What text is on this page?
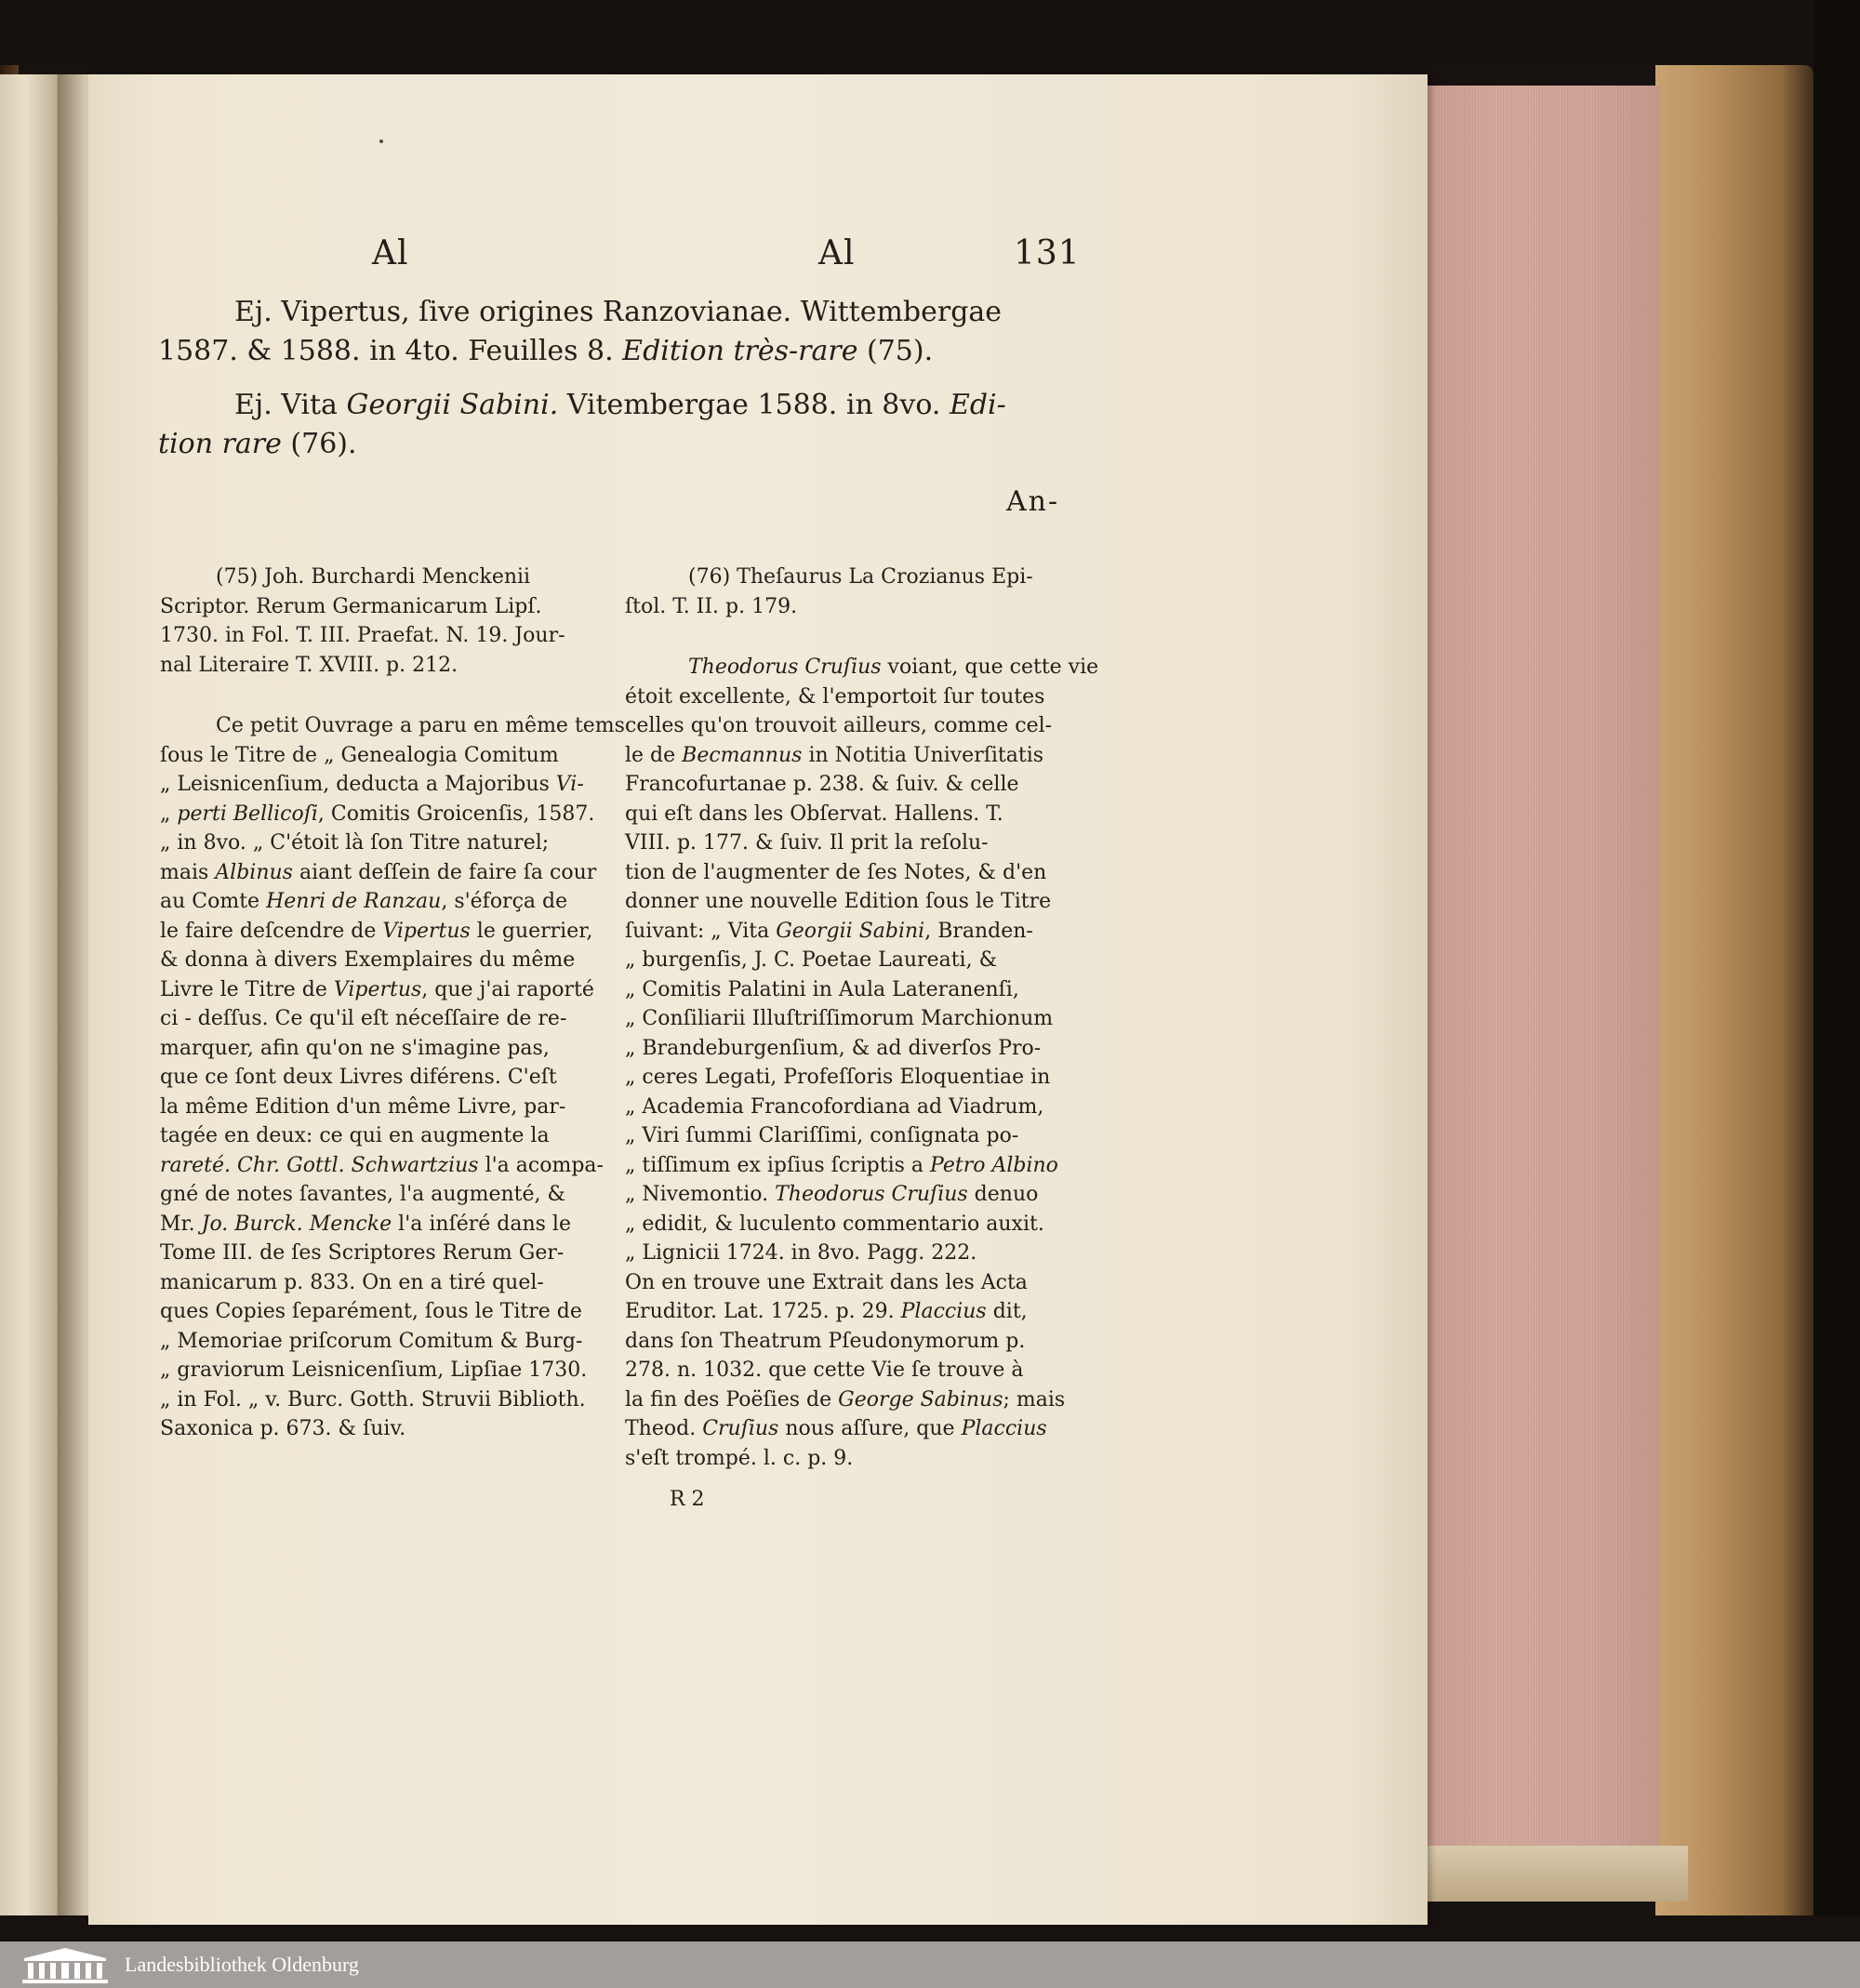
Al	Al	131
Ej. Vipertus, ſive origines Ranzovianae. Wittembergae
1587. & 1588. in 4to. Feuilles 8. Edition très-rare (75).
Ej. Vita Georgii Sabini. Vitembergae 1588. in 8vo. Edi-
tion rare (76).
An-
(75) Joh. Burchardi Menckenii
Scriptor. Rerum Germanicarum Lipſ.
1730. in Fol. T. III. Praefat. N. 19. Jour-
nal Literaire T. XVIII. p. 212.
Ce petit Ouvrage a paru en même tems
ſous le Titre de „ Genealogia Comitum
„ Leisnicenſium, deducta a Majoribus Vi-
„ perti Bellicoſi, Comitis Groicenſis, 1587.
„ in 8vo. „ C'étoit là ſon Titre naturel;
mais Albinus aiant deſſein de faire ſa cour
au Comte Henri de Ranzau, s'éforça de
le faire deſcendre de Vipertus le guerrier,
& donna à divers Exemplaires du même
Livre le Titre de Vipertus, que j'ai raporté
ci - deſſus. Ce qu'il eſt néceſſaire de re-
marquer, afin qu'on ne s'imagine pas,
que ce ſont deux Livres diférens. C'eſt
la même Edition d'un même Livre, par-
tagée en deux: ce qui en augmente la
rareté. Chr. Gottl. Schwartzius l'a acompa-
gné de notes ſavantes, l'a augmenté, &
Mr. Jo. Burck. Mencke l'a inſéré dans le
Tome III. de ſes Scriptores Rerum Ger-
manicarum p. 833. On en a tiré quel-
ques Copies ſeparément, ſous le Titre de
„ Memoriae priſcorum Comitum & Burg-
„ graviorum Leisnicenſium, Lipſiae 1730.
„ in Fol. „ v. Burc. Gotth. Struvii Biblioth.
Saxonica p. 673. & ſuiv.
(76) Theſaurus La Crozianus Epi-
ſtol. T. II. p. 179.
Theodorus Cruſius voiant, que cette vie
étoit excellente, & l'emportoit ſur toutes
celles qu'on trouvoit ailleurs, comme cel-
le de Becmannus in Notitia Univerſitatis
Francofurtanae p. 238. & ſuiv. & celle
qui eſt dans les Obſervat. Hallens. T.
VIII. p. 177. & ſuiv. Il prit la reſolu-
tion de l'augmenter de ſes Notes, & d'en
donner une nouvelle Edition ſous le Titre
ſuivant: „ Vita Georgii Sabini, Branden-
„ burgenſis, J. C. Poetae Laureati, &
„ Comitis Palatini in Aula Lateranenſi,
„ Conſiliarii Illuſtriſſimorum Marchionum
„ Brandeburgenſium, & ad diverſos Pro-
„ ceres Legati, Profeſſoris Eloquentiae in
„ Academia Francofordiana ad Viadrum,
„ Viri ſummi Clariſſimi, conſignata po-
„ tiſſimum ex ipſius ſcriptis a Petro Albino
„ Nivemontio. Theodorus Cruſius denuo
„ edidit, & luculento commentario auxit.
„ Lignicii 1724. in 8vo. Pagg. 222.
On en trouve une Extrait dans les Acta
Eruditor. Lat. 1725. p. 29. Placcius dit,
dans ſon Theatrum Pſeudonymorum p.
278. n. 1032. que cette Vie ſe trouve à
la fin des Poëſies de George Sabinus; mais
Theod. Cruſius nous aſſure, que Placcius
s'eſt trompé. l. c. p. 9.
R 2
Landesbibliothek Oldenburg
